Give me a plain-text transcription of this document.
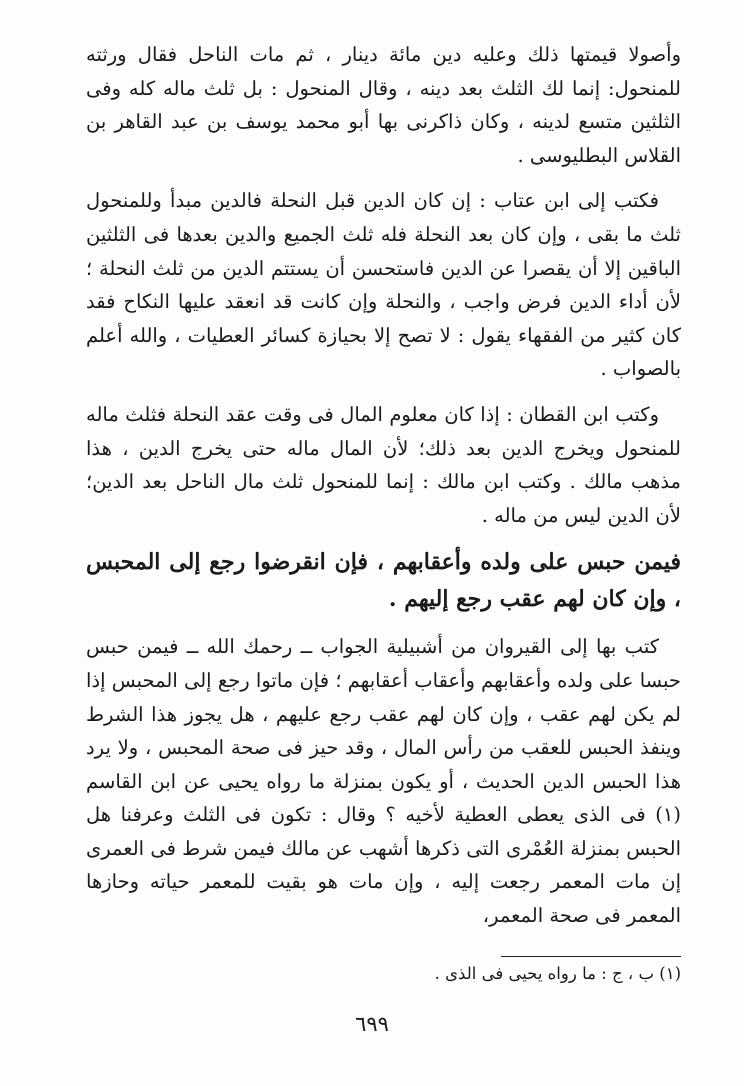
وأصولا قيمتها ذلك وعليه دين مائة دينار ، ثم مات الناحل فقال ورثته للمنحول: إنما لك الثلث بعد دينه ، وقال المنحول : بل ثلث ماله كله وفى الثلثين متسع لدينه ، وكان ذاكرنى بها أبو محمد يوسف بن عبد القاهر بن القلاس البطليوسى .

فكتب إلى ابن عتاب : إن كان الدين قبل النحلة فالدين مبدأ وللمنحول ثلث ما بقى ، وإن كان بعد النحلة فله ثلث الجميع والدين بعدها فى الثلثين الباقين إلا أن يقصرا عن الدين فاستحسن أن يستتم الدين من ثلث النحلة ؛ لأن أداء الدين فرض واجب ، والنحلة وإن كانت قد انعقد عليها النكاح فقد كان كثير من الفقهاء يقول : لا تصح إلا بحيازة كسائر العطيات ، والله أعلم بالصواب .

وكتب ابن القطان : إذا كان معلوم المال فى وقت عقد النحلة فثلث ماله للمنحول ويخرج الدين بعد ذلك؛ لأن المال ماله حتى يخرج الدين ، هذا مذهب مالك . وكتب ابن مالك : إنما للمنحول ثلث مال الناحل بعد الدين؛ لأن الدين ليس من ماله .

فيمن حبس على ولده وأعقابهم ، فإن انقرضوا رجع إلى المحبس ، وإن كان لهم عقب رجع إليهم .

كتب بها إلى القيروان من أشبيلية الجواب ــ رحمك الله ــ فيمن حبس حبسا على ولده وأعقابهم وأعقاب أعقابهم ؛ فإن ماتوا رجع إلى المحبس إذا لم يكن لهم عقب ، وإن كان لهم عقب رجع عليهم ، هل يجوز هذا الشرط وينفذ الحبس للعقب من رأس المال ، وقد حيز فى صحة المحبس ، ولا يرد هذا الحبس الدين الحديث ، أو يكون بمنزلة ما رواه يحيى عن ابن القاسم (١) فى الذى يعطى العطية لأخيه ؟ وقال : تكون فى الثلث وعرفنا هل الحبس بمنزلة العُمْرى التى ذكرها أشهب عن مالك فيمن شرط فى العمرى إن مات المعمر رجعت إليه ، وإن مات هو بقيت للمعمر حياته وحازها المعمر فى صحة المعمر،

(١) ب ، ج : ما رواه يحيى فى الذى .

٦٩٩
